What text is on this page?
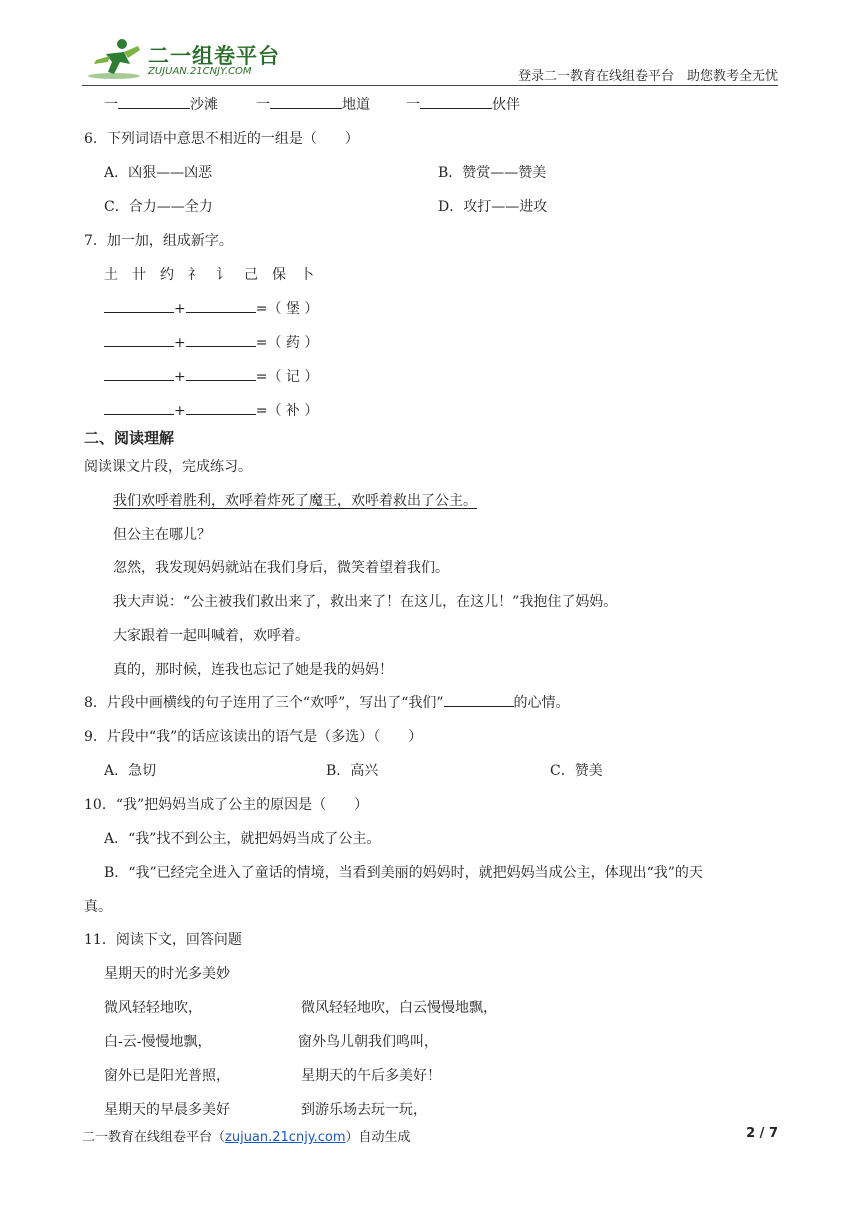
二一组卷平台
ZUJUAN.21CNJY.COM	登录二一教育在线组卷平台　助您教考全无忧
一	沙滩	一	地道	一	伙伴
6．下列词语中意思不相近的一组是（　　）
A．凶狠——凶恶	B．赞赏——赞美
C．合力——全力	D．攻打——进攻
7．加一加，组成新字。
土 卄 约 礻 讠 己 保 卜
+	=（ 堡 ）
+	=（ 药 ）
+	=（ 记 ）
+	=（ 补 ）
二、阅读理解
阅读课文片段，完成练习。
我们欢呼着胜利，欢呼着炸死了魔王，欢呼着救出了公主。
但公主在哪儿？
忽然，我发现妈妈就站在我们身后，微笑着望着我们。
我大声说：“公主被我们救出来了，救出来了！在这儿，在这儿！”我抱住了妈妈。
大家跟着一起叫喊着，欢呼着。
真的，那时候，连我也忘记了她是我的妈妈！
8．片段中画横线的句子连用了三个“欢呼”，写出了“我们”	的心情。
9．片段中“我”的话应该读出的语气是（多选）（　　）
A．急切	B．高兴	C．赞美
10．“我”把妈妈当成了公主的原因是（　　）
A．“我”找不到公主，就把妈妈当成了公主。
B．“我”已经完全进入了童话的情境，当看到美丽的妈妈时，就把妈妈当成公主，体现出“我”的天
真。
11．阅读下文，回答问题
星期天的时光多美妙
微风轻轻地吹，	微风轻轻地吹，白云慢慢地飘，
白-云-慢慢地飘，	窗外鸟儿朝我们鸣叫，
窗外已是阳光普照，	星期天的午后多美好！
星期天的早晨多美好	到游乐场去玩一玩，
二一教育在线组卷平台（zujuan.21cnjy.com）自动生成	2 / 7
